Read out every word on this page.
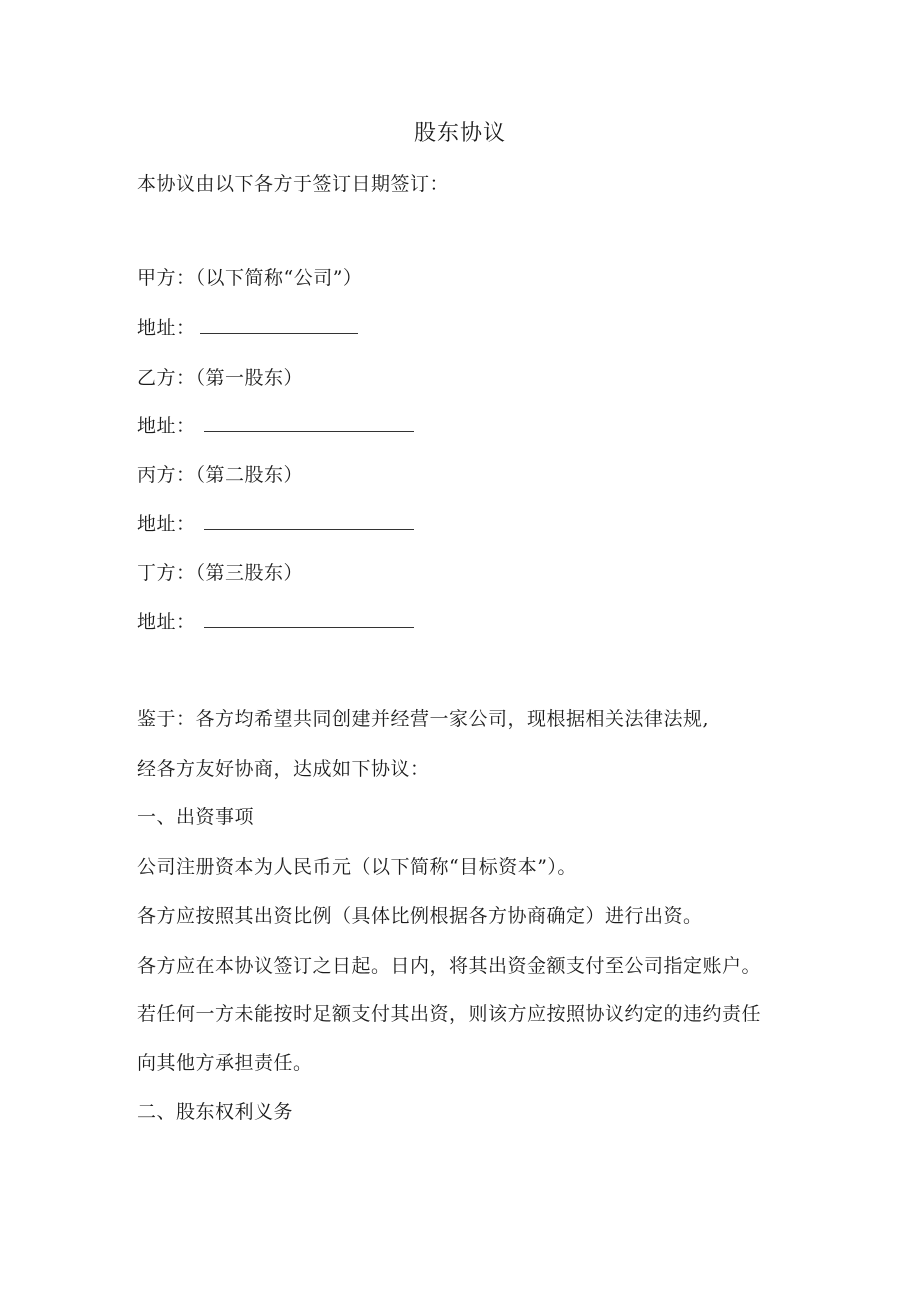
股东协议
本协议由以下各方于签订日期签订：
甲方：（以下简称“公司”）
地址：
乙方：（第一股东）
地址：
丙方：（第二股东）
地址：
丁方：（第三股东）
地址：
鉴于：各方均希望共同创建并经营一家公司，现根据相关法律法规,
经各方友好协商，达成如下协议：
一、出资事项
公司注册资本为人民币元（以下简称“目标资本”）。
各方应按照其出资比例（具体比例根据各方协商确定）进行出资。
各方应在本协议签订之日起。日内，将其出资金额支付至公司指定账户。
若任何一方未能按时足额支付其出资，则该方应按照协议约定的违约责任
向其他方承担责任。
二、股东权利义务
